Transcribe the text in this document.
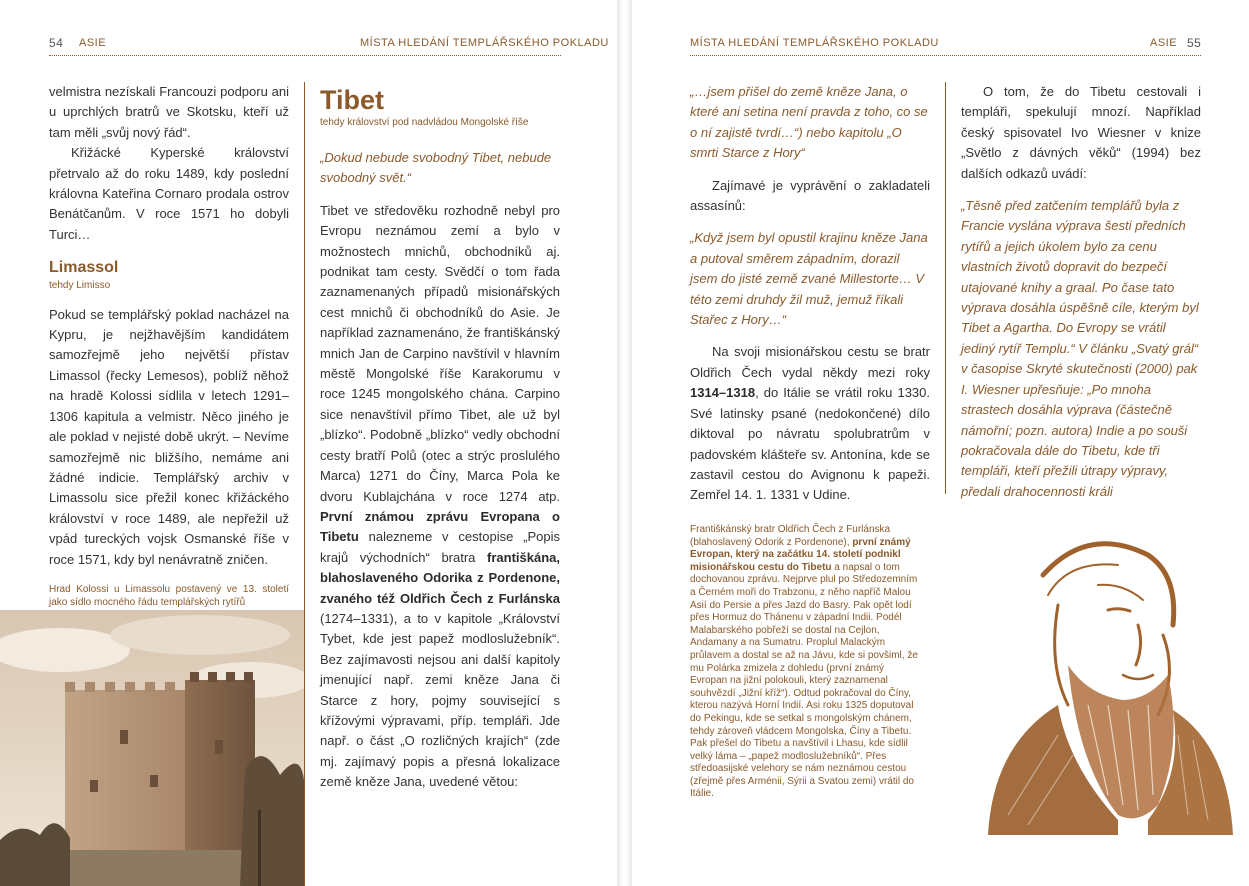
54 ASIE	MÍSTA HLEDÁNÍ TEMPLÁŘSKÉHO POKLADU

velmistra nezískali Francouzi podporu ani u uprchlých bratrů ve Skotsku, kteří už tam měli „svůj nový řád“.

Křižácké Kyperské království přetrvalo až do roku 1489, kdy poslední královna Kateřina Cornaro prodala ostrov Benátčanům. V roce 1571 ho dobyli Turci…

Limassol
tehdy Limisso

Pokud se templářský poklad nacházel na Kypru, je nejžhavějším kandidátem samozřejmě jeho největší přístav Limassol (řecky Lemesos), poblíž něhož na hradě Kolossi sídlila v letech 1291–1306 kapitula a velmistr. Něco jiného je ale poklad v nejisté době ukrýt. – Nevíme samozřejmě nic bližšího, nemáme ani žádné indicie. Templářský archiv v Limassolu sice přežil konec křižáckého království v roce 1489, ale nepřežil už vpád tureckých vojsk Osmanské říše v roce 1571, kdy byl nenávratně zničen.

Hrad Kolossi u Limassolu postavený ve 13. století jako sídlo mocného řádu templářských rytířů
Tibet
tehdy království pod nadvládou Mongolské říše

„Dokud nebude svobodný Tibet, nebude svobodný svět.“

Tibet ve středověku rozhodně nebyl pro Evropu neznámou zemí a bylo v možnostech mnichů, obchodníků aj. podnikat tam cesty. Svědčí o tom řada zaznamenaných případů misionářských cest mnichů či obchodníků do Asie. Je například zaznamenáno, že františkánský mnich Jan de Carpino navštívil v hlavním městě Mongolské říše Karakorumu v roce 1245 mongolského chána. Carpino sice nenavštívil přímo Tibet, ale už byl „blízko“. Podobně „blízko“ vedly obchodní cesty bratří Polů (otec a strýc proslulého Marca) 1271 do Číny, Marca Pola ke dvoru Kublajchána v roce 1274 atp. První známou zprávu Evropana o Tibetu nalezneme v cestopise „Popis krajů východních“ bratra františkána, blahoslaveného Odorika z Pordenone, zvaného též Oldřich Čech z Furlánska (1274–1331), a to v kapitole „Království Tybet, kde jest papež modloslužebník“. Bez zajímavosti nejsou ani další kapitoly jmenující např. zemi kněze Jana či Starce z hory, pojmy související s křížovými výpravami, příp. templáři. Jde např. o část „O rozličných krajích“ (zde mj. zajímavý popis a přesná lokalizace země kněze Jana, uvedené větou:

MÍSTA HLEDÁNÍ TEMPLÁŘSKÉHO POKLADU	ASIE 55

„…jsem přišel do země kněze Jana, o které ani setina není pravda z toho, co se o ní zajistě tvrdí…“) nebo kapitolu „O smrti Starce z Hory“

Zajímavé je vyprávění o zakladateli assasínů:

„Když jsem byl opustil krajinu kněze Jana a putoval směrem západním, dorazil jsem do jisté země zvané Millestorte… V této zemi druhdy žil muž, jemuž říkali Stařec z Hory…“

Na svoji misionářskou cestu se bratr Oldřich Čech vydal někdy mezi roky 1314–1318, do Itálie se vrátil roku 1330. Své latinsky psané (nedokončené) dílo diktoval po návratu spolubratrům v padovském klášteře sv. Antonína, kde se zastavil cestou do Avignonu k papeži. Zemřel 14. 1. 1331 v Udine.

O tom, že do Tibetu cestovali i templáři, spekulují mnozí. Například český spisovatel Ivo Wiesner v knize „Světlo z dávných věků“ (1994) bez dalších odkazů uvádí:

„Těsně před zatčením templářů byla z Francie vyslána výprava šesti předních rytířů a jejich úkolem bylo za cenu vlastních životů dopravit do bezpečí utajované knihy a graal. Po čase tato výprava dosáhla úspěšně cíle, kterým byl Tibet a Agartha. Do Evropy se vrátil jediný rytíř Templu.“ V článku „Svatý grál“ v časopise Skryté skutečnosti (2000) pak I. Wiesner upřesňuje: „Po mnoha strastech dosáhla výprava (částečně námořní; pozn. autora) Indie a po souši pokračovala dále do Tibetu, kde tři templáři, kteří přežili útrapy výpravy, předali drahocennosti králi

Františkánský bratr Oldřich Čech z Furlánska (blahoslavený Odorik z Pordenone), první známý Evropan, který na začátku 14. století podnikl misionářskou cestu do Tibetu a napsal o tom dochovanou zprávu. Nejprve plul po Středozemním a Černém moři do Trabzonu, z něho napříč Malou Asií do Persie a přes Jazd do Basry. Pak opět lodí přes Hormuz do Thánenu v západní Indii. Podél Malabarského pobřeží se dostal na Cejlon, Andamany a na Sumatru. Proplul Malackým průlavem a dostal se až na Jávu, kde si povšiml, že mu Polárka zmizela z dohledu (první známý Evropan na jižní polokouli, který zaznamenal souhvězdí „Jižní kříž“). Odtud pokračoval do Číny, kterou nazývá Horní Indií. Asi roku 1325 doputoval do Pekingu, kde se setkal s mongolským chánem, tehdy zároveň vládcem Mongolska, Číny a Tibetu. Pak přešel do Tibetu a navštívil i Lhasu, kde sídlil velký láma – „papež modloslužebníků“. Přes středoasijské velehory se nám neznámou cestou (zřejmě přes Arménii, Sýrii a Svatou zemi) vrátil do Itálie.
